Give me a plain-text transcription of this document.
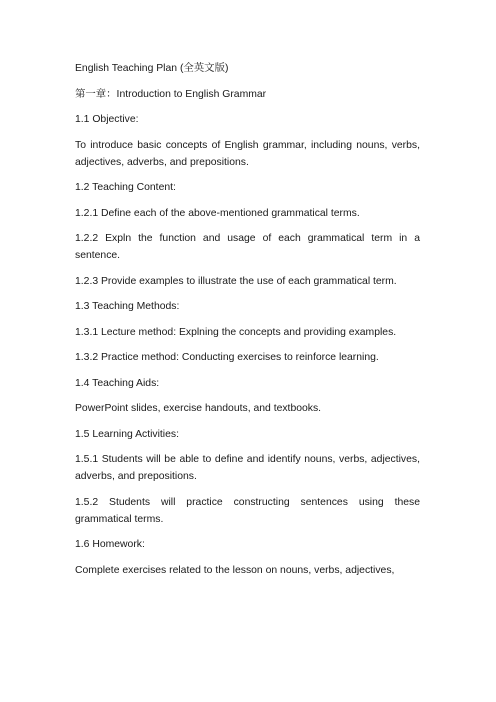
English Teaching Plan (全英文版)

第一章：Introduction to English Grammar

1.1 Objective:

To introduce basic concepts of English grammar, including nouns, verbs, adjectives, adverbs, and prepositions.

1.2 Teaching Content:

1.2.1 Define each of the above-mentioned grammatical terms.

1.2.2 Expln the function and usage of each grammatical term in a sentence.

1.2.3 Provide examples to illustrate the use of each grammatical term.

1.3 Teaching Methods:

1.3.1 Lecture method: Explning the concepts and providing examples.

1.3.2 Practice method: Conducting exercises to reinforce learning.

1.4 Teaching Aids:

PowerPoint slides, exercise handouts, and textbooks.

1.5 Learning Activities:

1.5.1 Students will be able to define and identify nouns, verbs, adjectives, adverbs, and prepositions.

1.5.2 Students will practice constructing sentences using these grammatical terms.

1.6 Homework:

Complete exercises related to the lesson on nouns, verbs, adjectives,
